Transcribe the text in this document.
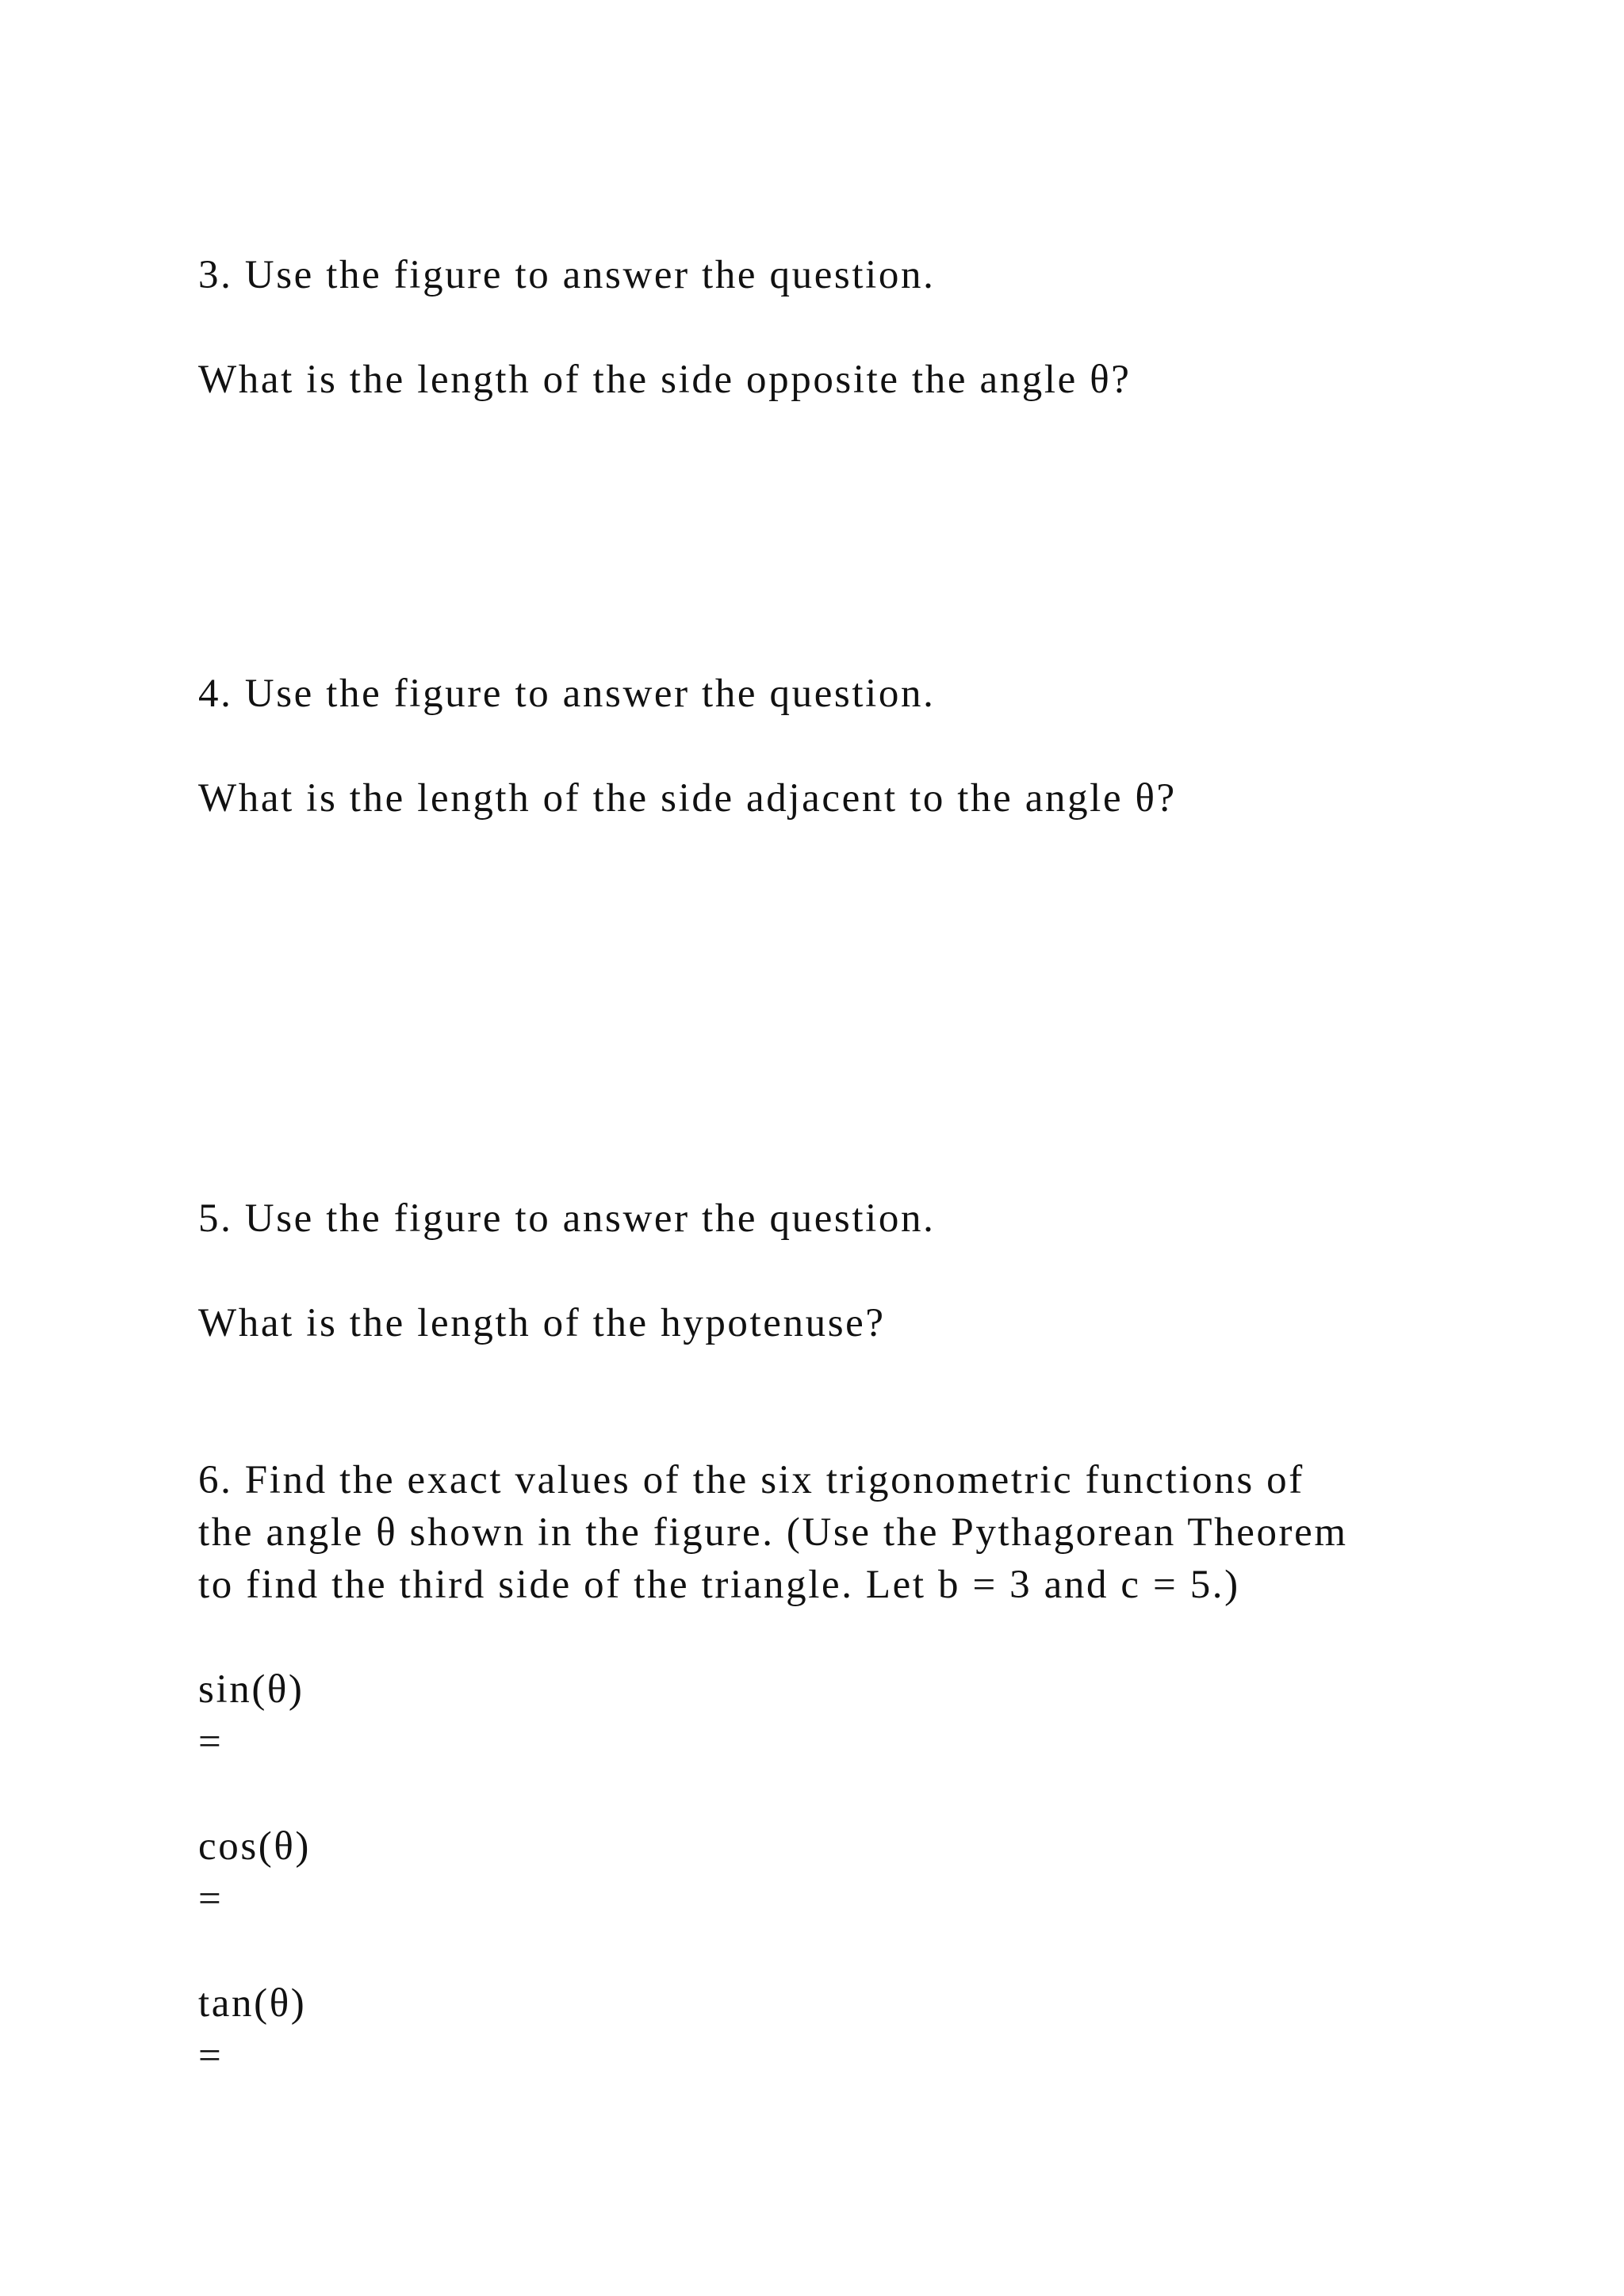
3. Use the figure to answer the question.
What is the length of the side opposite the angle θ?
4. Use the figure to answer the question.
What is the length of the side adjacent to the angle θ?
5. Use the figure to answer the question.
What is the length of the hypotenuse?
6. Find the exact values of the six trigonometric functions of
the angle θ shown in the figure. (Use the Pythagorean Theorem
to find the third side of the triangle. Let b = 3 and c = 5.)
sin(θ)
=
cos(θ)
=
tan(θ)
=
